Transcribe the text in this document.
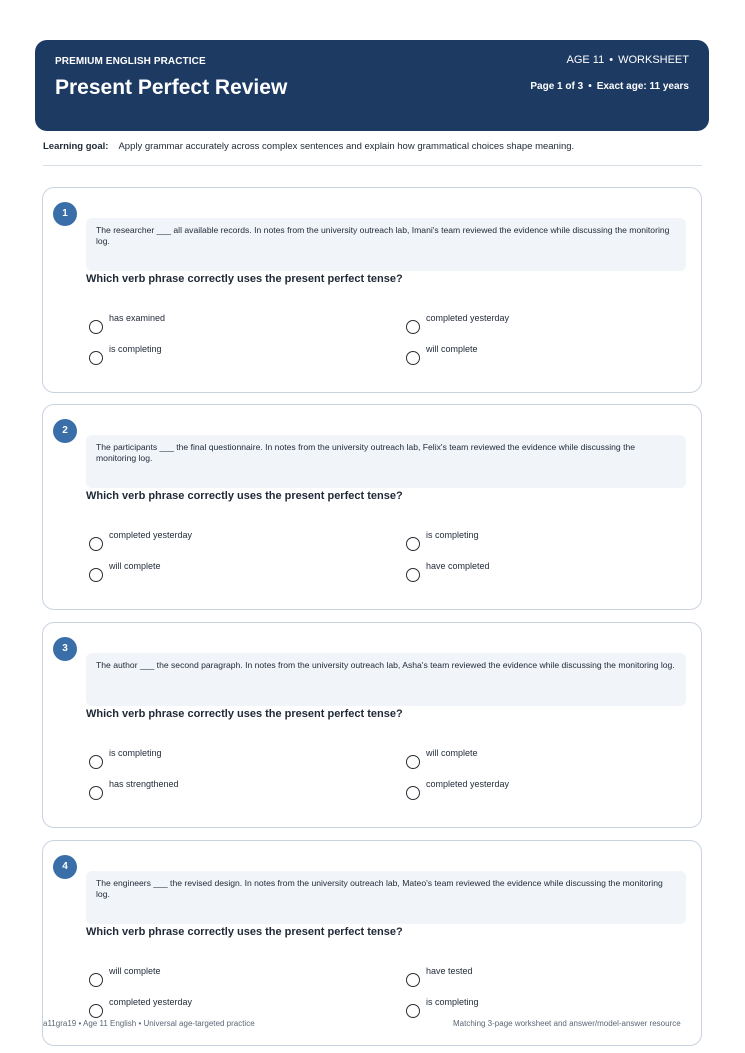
PREMIUM ENGLISH PRACTICE
Present Perfect Review
AGE 11 • WORKSHEET
Page 1 of 3 • Exact age: 11 years
Learning goal: Apply grammar accurately across complex sentences and explain how grammatical choices shape meaning.
1
The researcher ___ all available records. In notes from the university outreach lab, Imani's team reviewed the evidence while discussing the monitoring log.
Which verb phrase correctly uses the present perfect tense?
has examined	completed yesterday
is completing	will complete
2
The participants ___ the final questionnaire. In notes from the university outreach lab, Felix's team reviewed the evidence while discussing the monitoring log.
Which verb phrase correctly uses the present perfect tense?
completed yesterday	is completing
will complete	have completed
3
The author ___ the second paragraph. In notes from the university outreach lab, Asha's team reviewed the evidence while discussing the monitoring log.
Which verb phrase correctly uses the present perfect tense?
is completing	will complete
has strengthened	completed yesterday
4
The engineers ___ the revised design. In notes from the university outreach lab, Mateo's team reviewed the evidence while discussing the monitoring log.
Which verb phrase correctly uses the present perfect tense?
will complete	have tested
completed yesterday	is completing
a11gra19 • Age 11 English • Universal age-targeted practice	Matching 3-page worksheet and answer/model-answer resource
